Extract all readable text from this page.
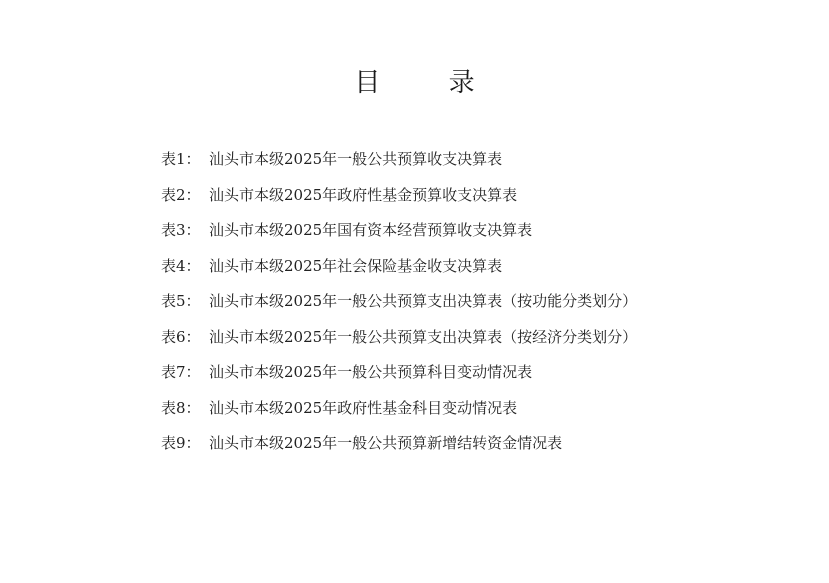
目 录
表1： 汕头市本级2025年一般公共预算收支决算表
表2： 汕头市本级2025年政府性基金预算收支决算表
表3： 汕头市本级2025年国有资本经营预算收支决算表
表4： 汕头市本级2025年社会保险基金收支决算表
表5： 汕头市本级2025年一般公共预算支出决算表（按功能分类划分）
表6： 汕头市本级2025年一般公共预算支出决算表（按经济分类划分）
表7： 汕头市本级2025年一般公共预算科目变动情况表
表8： 汕头市本级2025年政府性基金科目变动情况表
表9： 汕头市本级2025年一般公共预算新增结转资金情况表
